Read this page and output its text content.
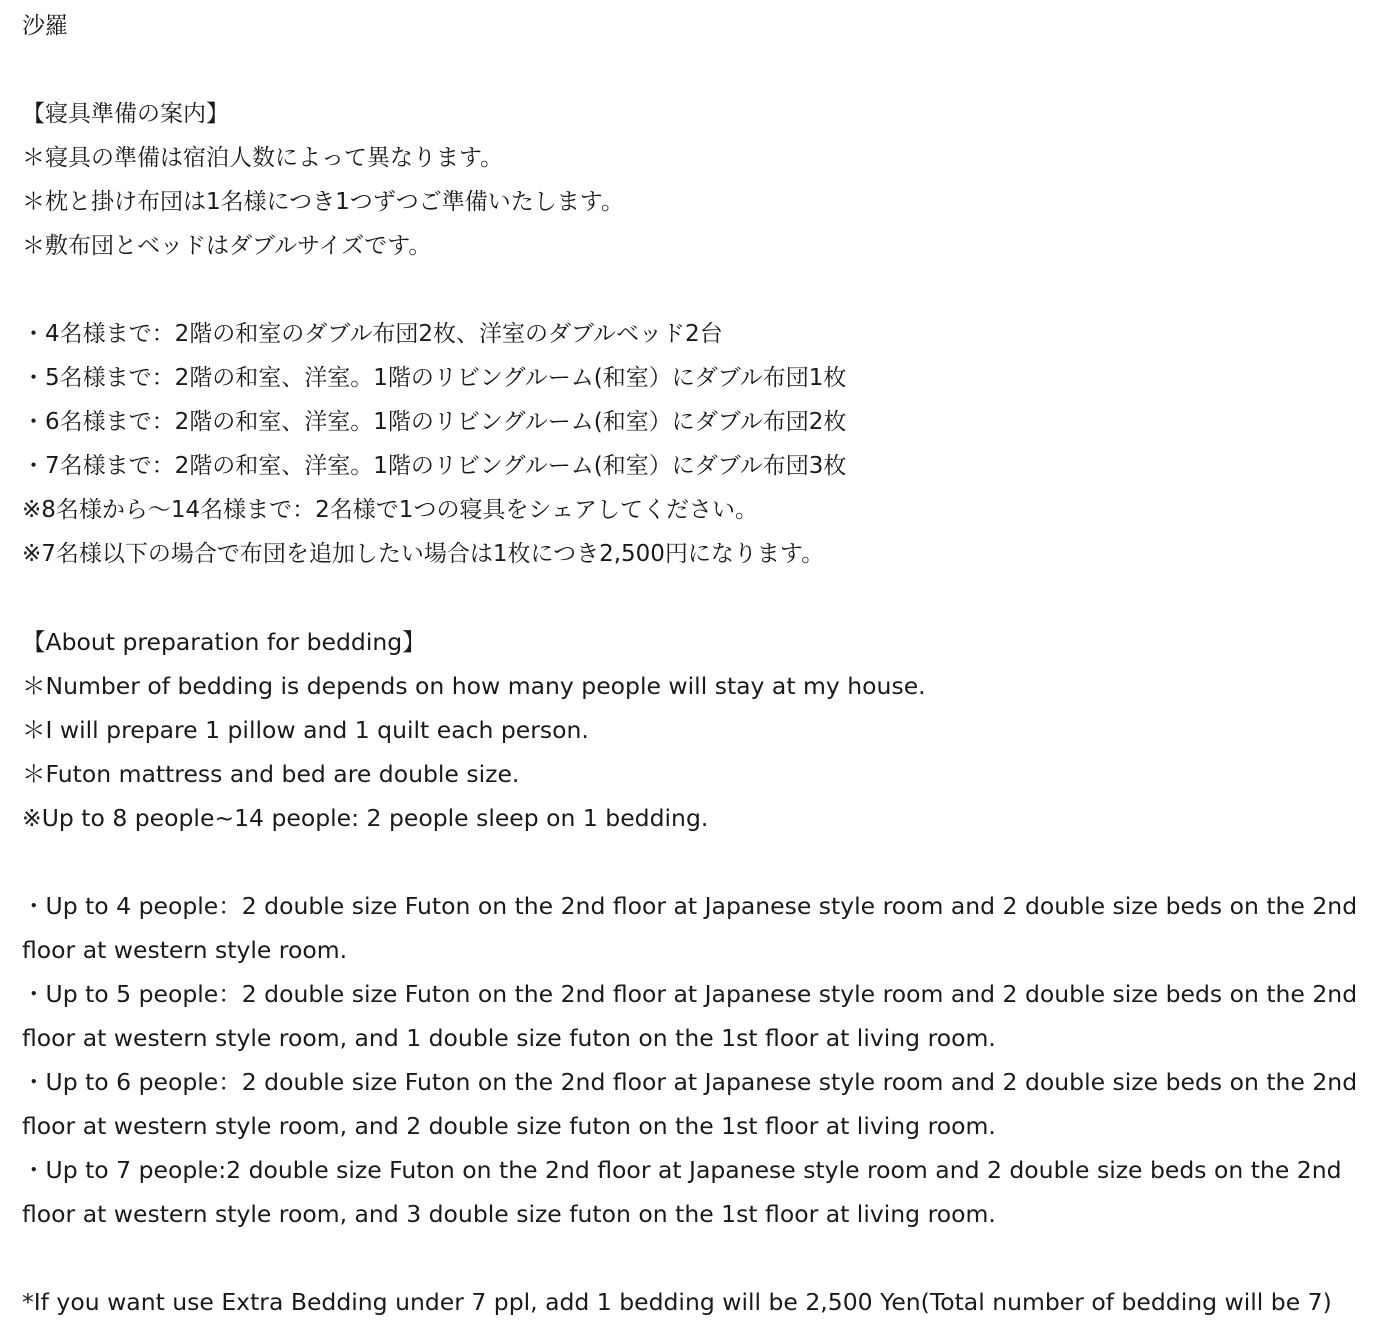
沙羅
【寝具準備の案内】
＊寝具の準備は宿泊人数によって異なります。
＊枕と掛け布団は1名様につき1つずつご準備いたします。
＊敷布団とベッドはダブルサイズです。
・4名様まで：2階の和室のダブル布団2枚、洋室のダブルベッド2台
・5名様まで：2階の和室、洋室。1階のリビングルーム(和室）にダブル布団1枚
・6名様まで：2階の和室、洋室。1階のリビングルーム(和室）にダブル布団2枚
・7名様まで：2階の和室、洋室。1階のリビングルーム(和室）にダブル布団3枚
※8名様から～14名様まで：2名様で1つの寝具をシェアしてください。
※7名様以下の場合で布団を追加したい場合は1枚につき2,500円になります。
【About preparation for bedding】
＊Number of bedding is depends on how many people will stay at my house.
＊I will prepare 1 pillow and 1 quilt each person.
＊Futon mattress and bed are double size.
※Up to 8 people~14 people: 2 people sleep on 1 bedding.
・Up to 4 people：2 double size Futon on the 2nd floor at Japanese style room and 2 double size beds on the 2nd floor at western style room.
・Up to 5 people：2 double size Futon on the 2nd floor at Japanese style room and 2 double size beds on the 2nd floor at western style room, and 1 double size futon on the 1st floor at living room.
・Up to 6 people：2 double size Futon on the 2nd floor at Japanese style room and 2 double size beds on the 2nd floor at western style room, and 2 double size futon on the 1st floor at living room.
・Up to 7 people:2 double size Futon on the 2nd floor at Japanese style room and 2 double size beds on the 2nd floor at western style room, and 3 double size futon on the 1st floor at living room.
*If you want use Extra Bedding under 7 ppl, add 1 bedding will be 2,500 Yen(Total number of bedding will be 7)
